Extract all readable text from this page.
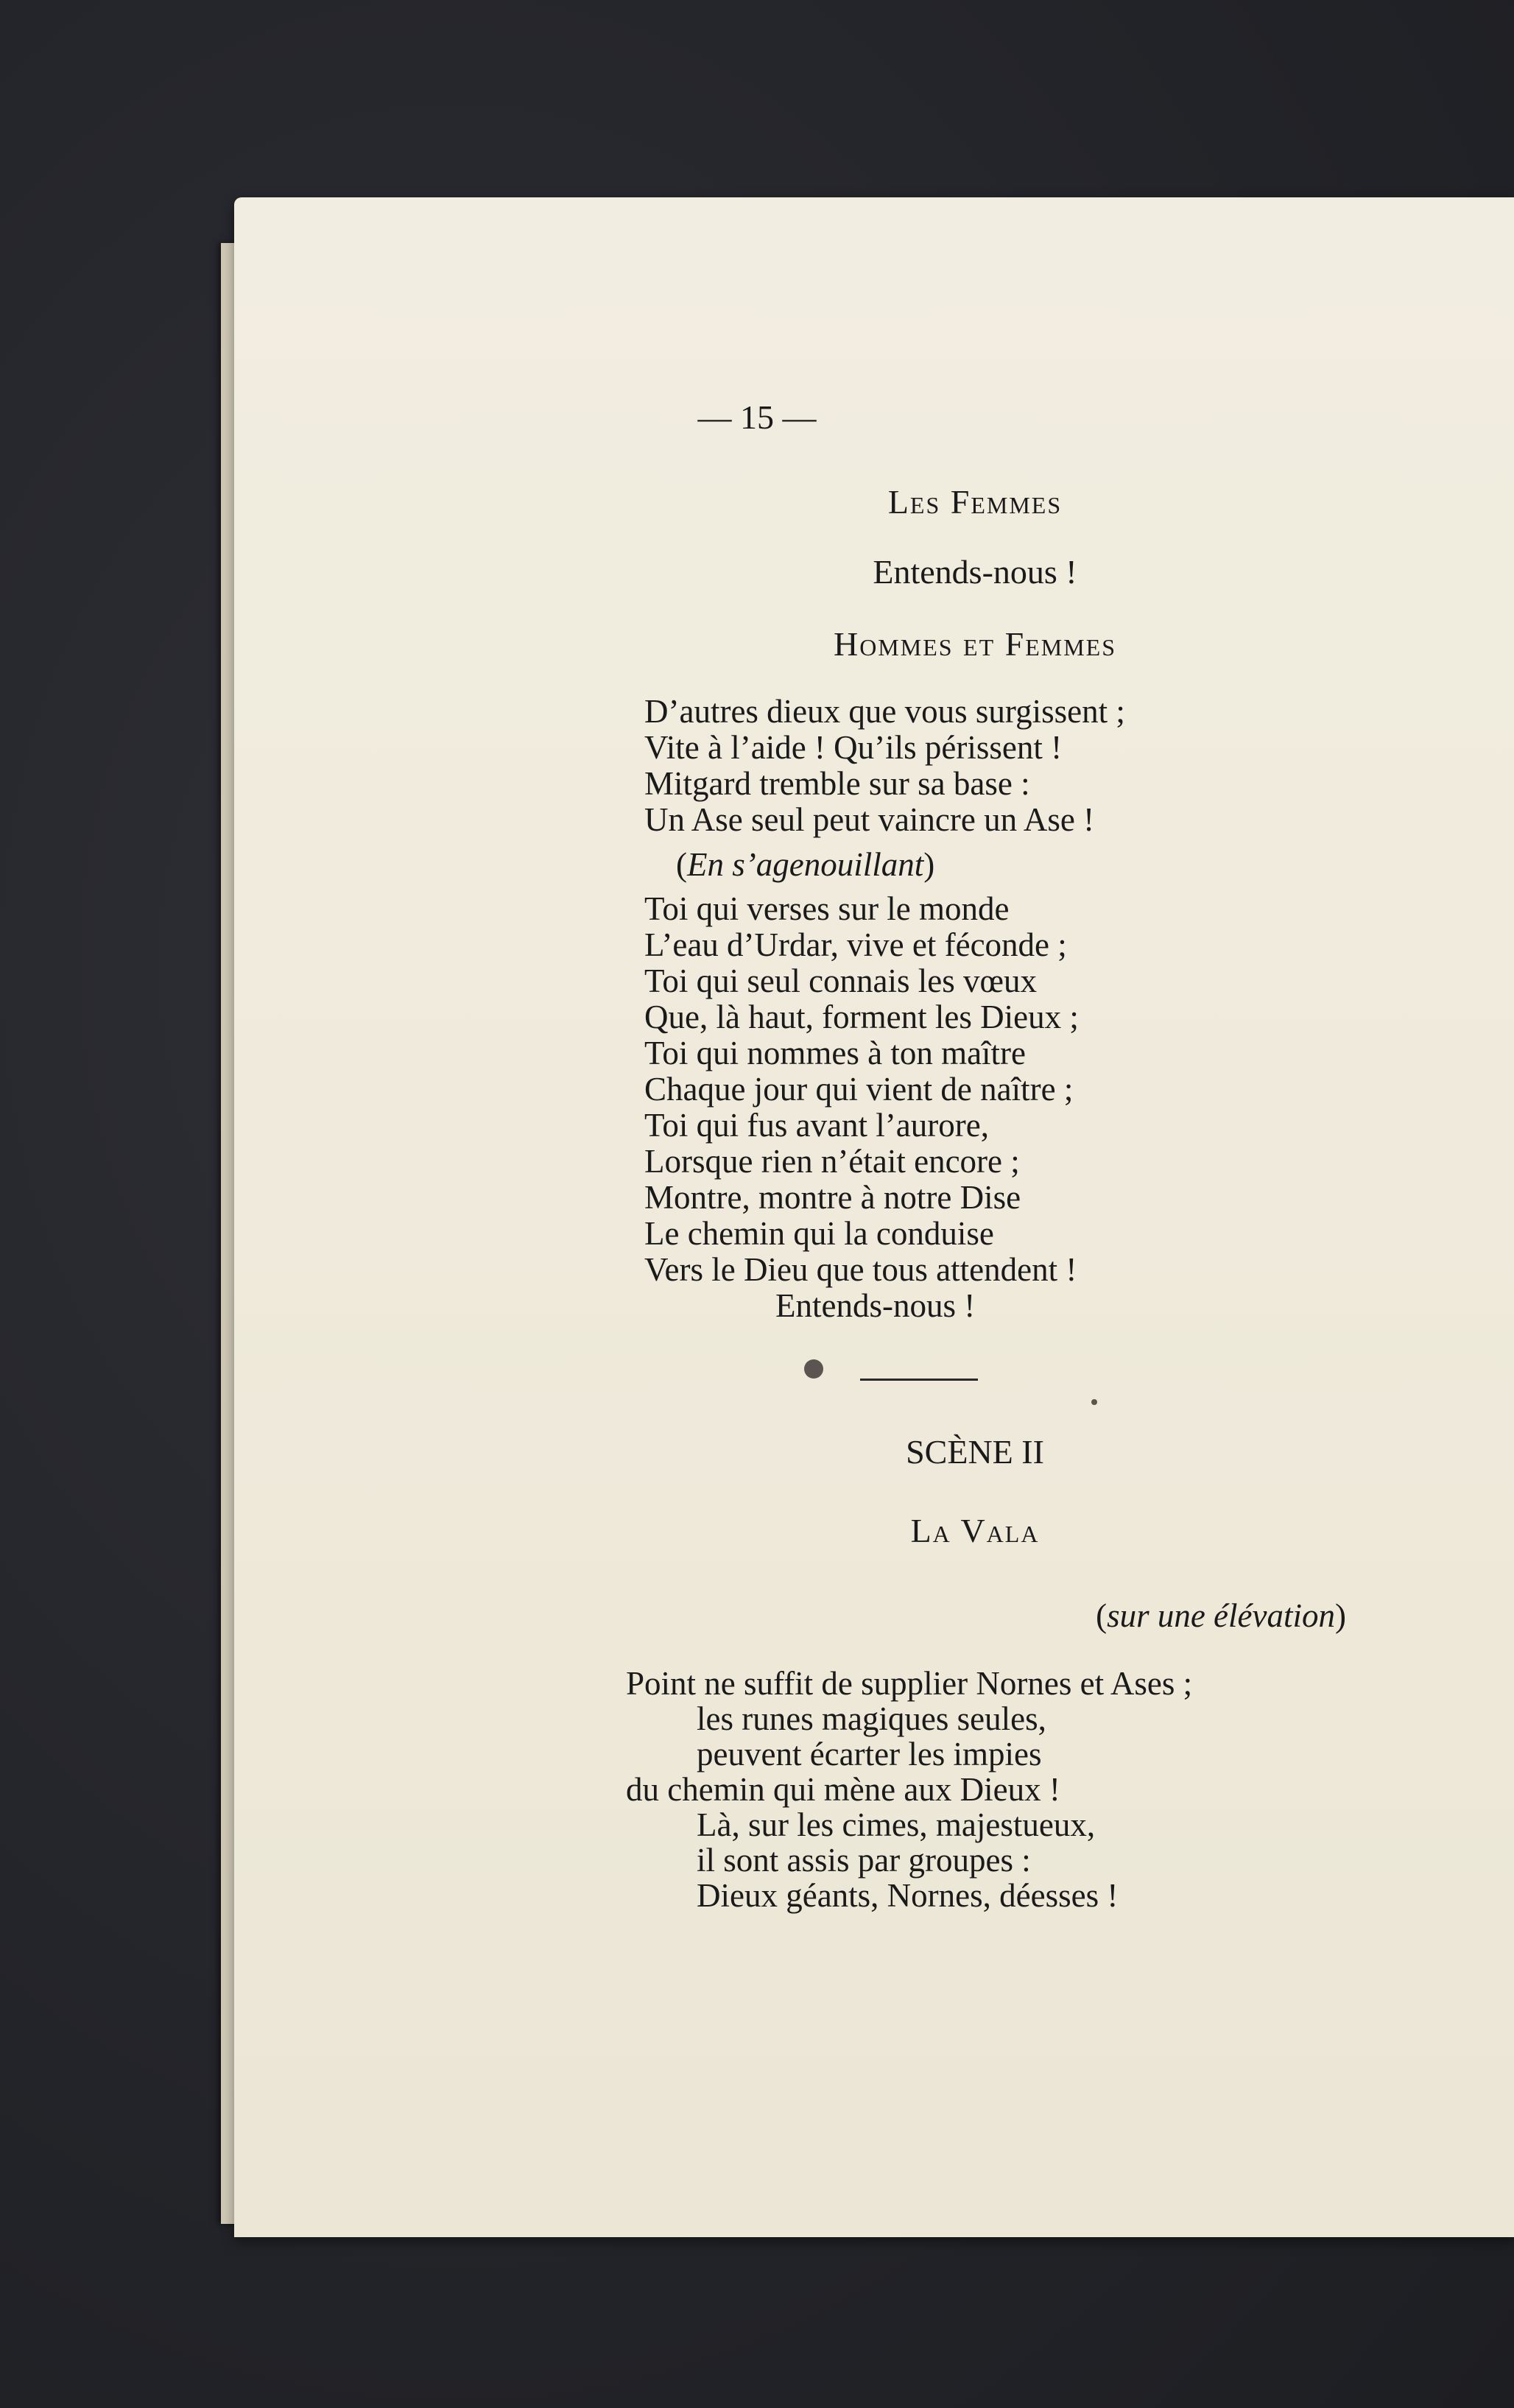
— 15 —
Les Femmes
Entends-nous !
Hommes et Femmes
D’autres dieux que vous surgissent ;
Vite à l’aide ! Qu’ils périssent !
Mitgard tremble sur sa base :
Un Ase seul peut vaincre un Ase !
(En s’agenouillant)
Toi qui verses sur le monde
L’eau d’Urdar, vive et féconde ;
Toi qui seul connais les vœux
Que, là haut, forment les Dieux ;
Toi qui nommes à ton maître
Chaque jour qui vient de naître ;
Toi qui fus avant l’aurore,
Lorsque rien n’était encore ;
Montre, montre à notre Dise
Le chemin qui la conduise
Vers le Dieu que tous attendent !
Entends-nous !
SCÈNE II
La Vala
(sur une élévation)
Point ne suffit de supplier Nornes et Ases ;
les runes magiques seules,
peuvent écarter les impies
du chemin qui mène aux Dieux !
Là, sur les cimes, majestueux,
il sont assis par groupes :
Dieux géants, Nornes, déesses !
